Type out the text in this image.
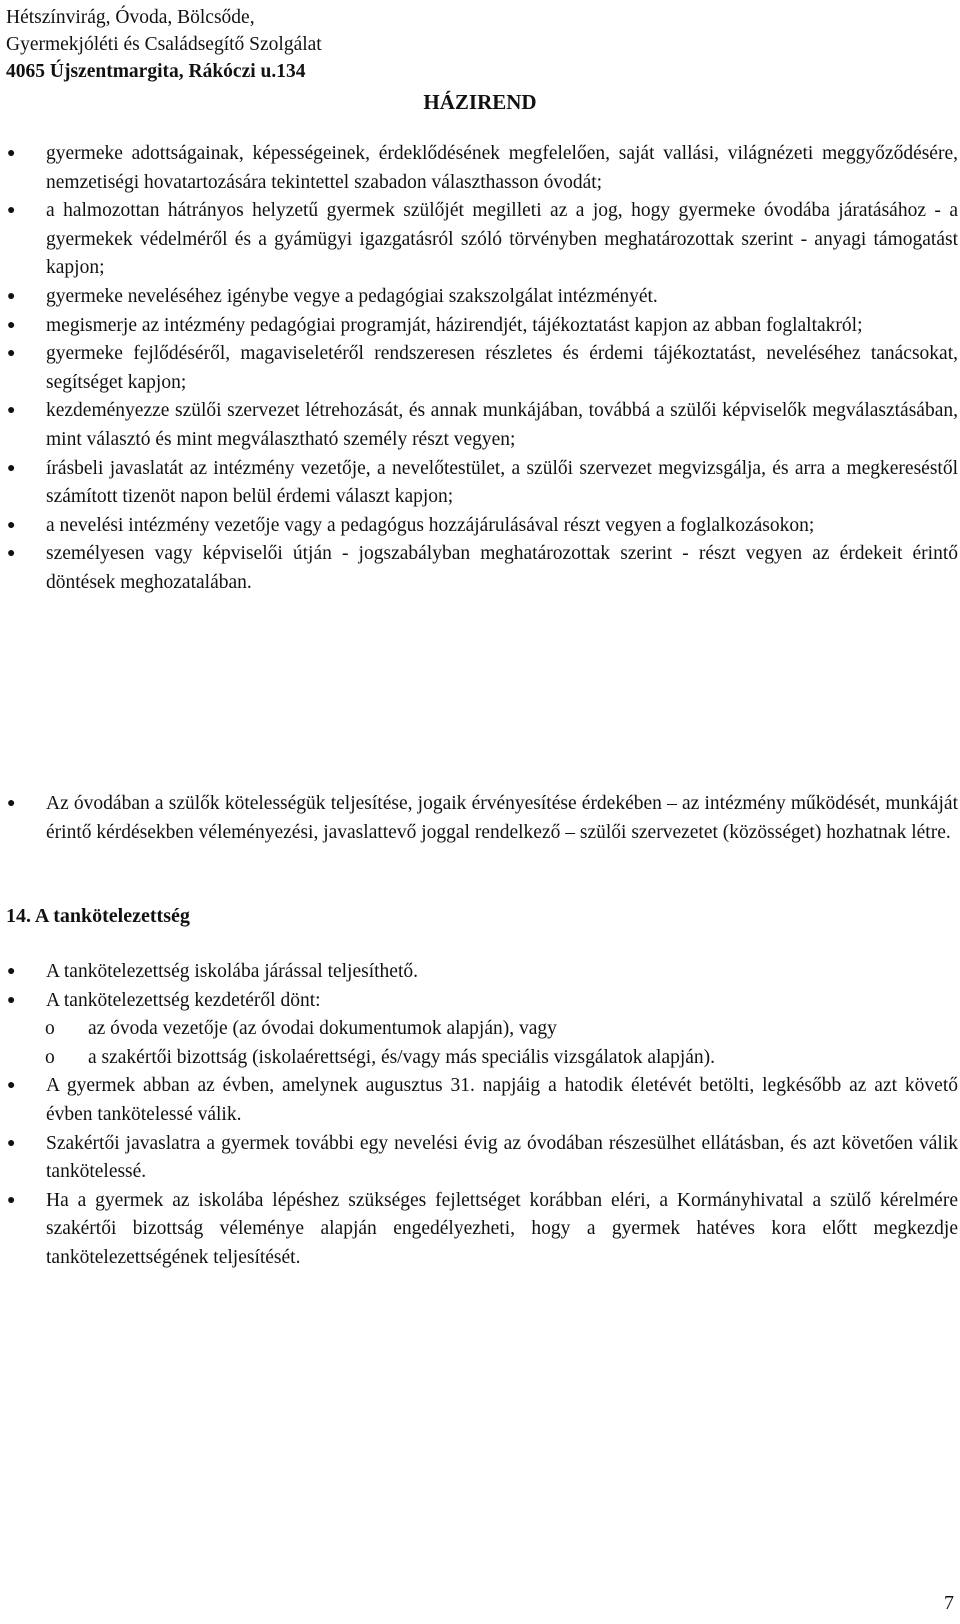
Hétszínvirág, Óvoda, Bölcsőde,
Gyermekjóléti és Családsegítő Szolgálat
4065 Újszentmargita, Rákóczi u.134
HÁZIREND
● gyermeke adottságainak, képességeinek, érdeklődésének megfelelően, saját vallási, világnézeti meggyőződésére, nemzetiségi hovatartozására tekintettel szabadon választhasson óvodát;
● a halmozottan hátrányos helyzetű gyermek szülőjét megilleti az a jog, hogy gyermeke óvodába járatásához - a gyermekek védelméről és a gyámügyi igazgatásról szóló törvényben meghatározottak szerint - anyagi támogatást kapjon;
● gyermeke neveléséhez igénybe vegye a pedagógiai szakszolgálat intézményét.
● megismerje az intézmény pedagógiai programját, házirendjét, tájékoztatást kapjon az abban foglaltakról;
● gyermeke fejlődéséről, magaviseletéről rendszeresen részletes és érdemi tájékoztatást, neveléséhez tanácsokat, segítséget kapjon;
● kezdeményezze szülői szervezet létrehozását, és annak munkájában, továbbá a szülői képviselők megválasztásában, mint választó és mint megválasztható személy részt vegyen;
● írásbeli javaslatát az intézmény vezetője, a nevelőtestület, a szülői szervezet megvizsgálja, és arra a megkereséstől számított tizenöt napon belül érdemi választ kapjon;
● a nevelési intézmény vezetője vagy a pedagógus hozzájárulásával részt vegyen a foglalkozásokon;
● személyesen vagy képviselői útján - jogszabályban meghatározottak szerint - részt vegyen az érdekeit érintő döntések meghozatalában.
● Az óvodában a szülők kötelességük teljesítése, jogaik érvényesítése érdekében – az intézmény működését, munkáját érintő kérdésekben véleményezési, javaslattevő joggal rendelkező – szülői szervezetet (közösséget) hozhatnak létre.
14. A tankötelezettség
● A tankötelezettség iskolába járással teljesíthető.
● A tankötelezettség kezdetéről dönt:
o az óvoda vezetője (az óvodai dokumentumok alapján), vagy
o a szakértői bizottság (iskolaérettségi, és/vagy más speciális vizsgálatok alapján).
● A gyermek abban az évben, amelynek augusztus 31. napjáig a hatodik életévét betölti, legkésőbb az azt követő évben tankötelessé válik.
● Szakértői javaslatra a gyermek további egy nevelési évig az óvodában részesülhet ellátásban, és azt követően válik tankötelessé.
● Ha a gyermek az iskolába lépéshez szükséges fejlettséget korábban eléri, a Kormányhivatal a szülő kérelmére szakértői bizottság véleménye alapján engedélyezheti, hogy a gyermek hatéves kora előtt megkezdje tankötelezettségének teljesítését.
7
